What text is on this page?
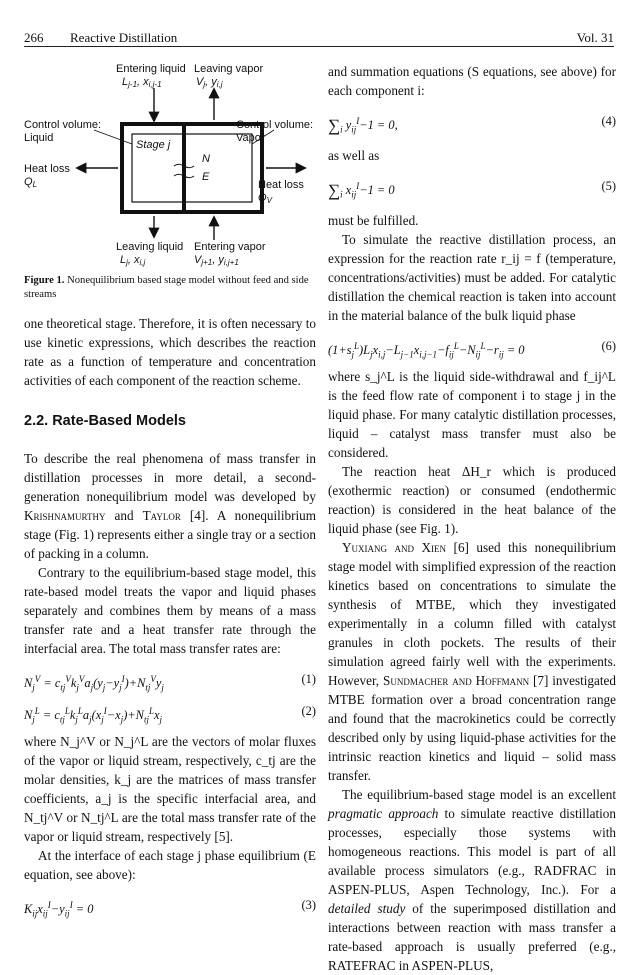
266 Reactive Distillation	Vol. 31
Entering liquid
Lj-1, xi,j-1
Leaving vapor
Vj, yi,j
Control volume:
Liquid
Control volume:
Vapor
Heat loss
QL	Heat loss
QV
Stage j
N
E
Leaving liquid
Lj, xi,j
Entering vapor
Vj+1, yi,j+1
Figure 1. Nonequilibrium based stage model without feed and side streams

one theoretical stage. Therefore, it is often necessary to use kinetic expressions, which describes the reaction rate as a function of temperature and concentration activities of each component of the reaction scheme.

2.2. Rate-Based Models

To describe the real phenomena of mass transfer in distillation processes in more detail, a second-generation nonequilibrium model was developed by Krishnamurthy and Taylor [4]. A nonequilibrium stage (Fig. 1) represents either a single tray or a section of packing in a column.

Contrary to the equilibrium-based stage model, this rate-based model treats the vapor and liquid phases separately and combines them by means of a mass transfer rate and a heat transfer rate through the interfacial area. The total mass transfer rates are:

$N_j^V = c_{tj}^Vk_j^Va_j(y_j-y_j^I)+N_{tj}^Vy_j$
(1)
$N_j^L = c_{tj}^Lk_j^La_j(x_j^I-x_j)+N_{tj}^Lx_j$
(2)

where N_j^V or N_j^L are the vectors of molar fluxes of the vapor or liquid stream, respectively, c_tj are the molar densities, k_j are the matrices of mass transfer coefficients, a_j is the specific interfacial area, and N_tj^V or N_tj^L are the total mass transfer rate of the vapor or liquid stream, respectively [5].

At the interface of each stage j phase equilibrium (E equation, see above):

$K_{ij}x_{ij}^I-y_{ij}^I = 0$	(3)

and summation equations (S equations, see above) for each component i:

$\sum_i$ $y_{ij}^I-1 = 0$,	(4)

as well as

$\sum_i$ $x_{ij}^I-1 = 0$	(5)

must be fulfilled.

To simulate the reactive distillation process, an expression for the reaction rate r_ij = f (temperature, concentrations/activities) must be added. For catalytic distillation the chemical reaction is taken into account in the material balance of the bulk liquid phase

$(1+s_j^L)L_jx_{i,j}-L_{j-1}x_{i,j-1}-f_{ij}^L-N_{ij}^L-r_{ij} = 0$	(6)

where s_j^L is the liquid side-withdrawal and f_ij^L is the feed flow rate of component i to stage j in the liquid phase. For many catalytic distillation processes, liquid – catalyst mass transfer must also be considered.

The reaction heat ΔH_r which is produced (exothermic reaction) or consumed (endothermic reaction) is considered in the heat balance of the liquid phase (see Fig. 1).

Yuxiang and Xien [6] used this nonequilibrium stage model with simplified expression of the reaction kinetics based on concentrations to simulate the synthesis of MTBE, which they investigated experimentally in a column filled with catalyst granules in cloth pockets. The results of their simulation agreed fairly well with the experiments. However, Sundmacher and Hoffmann [7] investigated MTBE formation over a broad concentration range and found that the macrokinetics could be correctly described only by using liquid-phase activities for the intrinsic reaction kinetics and liquid – solid mass transfer.

The equilibrium-based stage model is an excellent pragmatic approach to simulate reactive distillation processes, especially those systems with homogeneous reactions. This model is part of all available process simulators (e.g., RADFRAC in ASPEN-PLUS, Aspen Technology, Inc.). For a detailed study of the superimposed distillation and interactions between reaction with mass transfer a rate-based approach is usually preferred (e.g., RATEFRAC in ASPEN-PLUS,
